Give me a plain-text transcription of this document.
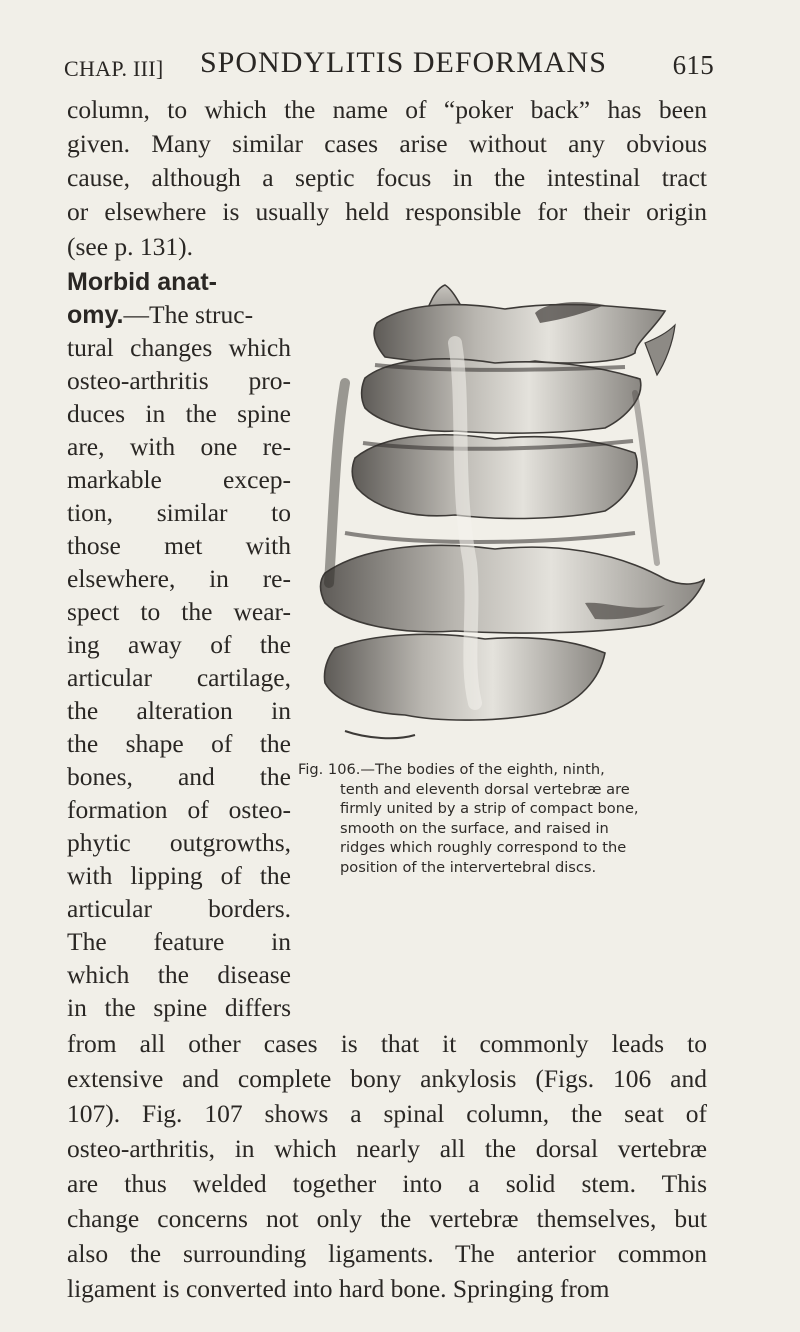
CHAP. III] SPONDYLITIS DEFORMANS 615
column, to which the name of “poker back” has been
given. Many similar cases arise without any obvious
cause, although a septic focus in the intestinal tract
or elsewhere is usually held responsible for their origin
(see p. 131).
Morbid anat-
omy.—The struc-
tural changes which
osteo-arthritis pro-
duces in the spine
are, with one re-
markable excep-
tion, similar to
those met with
elsewhere, in re-
spect to the wear-
ing away of the
articular cartilage,
the alteration in
the shape of the
bones, and the
formation of osteo-
phytic outgrowths,
with lipping of the
articular borders.
The feature in
which the disease
in the spine differs
Fig. 106.—The bodies of the eighth, ninth,
tenth and eleventh dorsal vertebræ are
firmly united by a strip of compact bone,
smooth on the surface, and raised in
ridges which roughly correspond to the
position of the intervertebral discs.
from all other cases is that it commonly leads to
extensive and complete bony ankylosis (Figs. 106 and
107). Fig. 107 shows a spinal column, the seat of
osteo-arthritis, in which nearly all the dorsal vertebræ
are thus welded together into a solid stem. This
change concerns not only the vertebræ themselves, but
also the surrounding ligaments. The anterior common
ligament is converted into hard bone. Springing from
